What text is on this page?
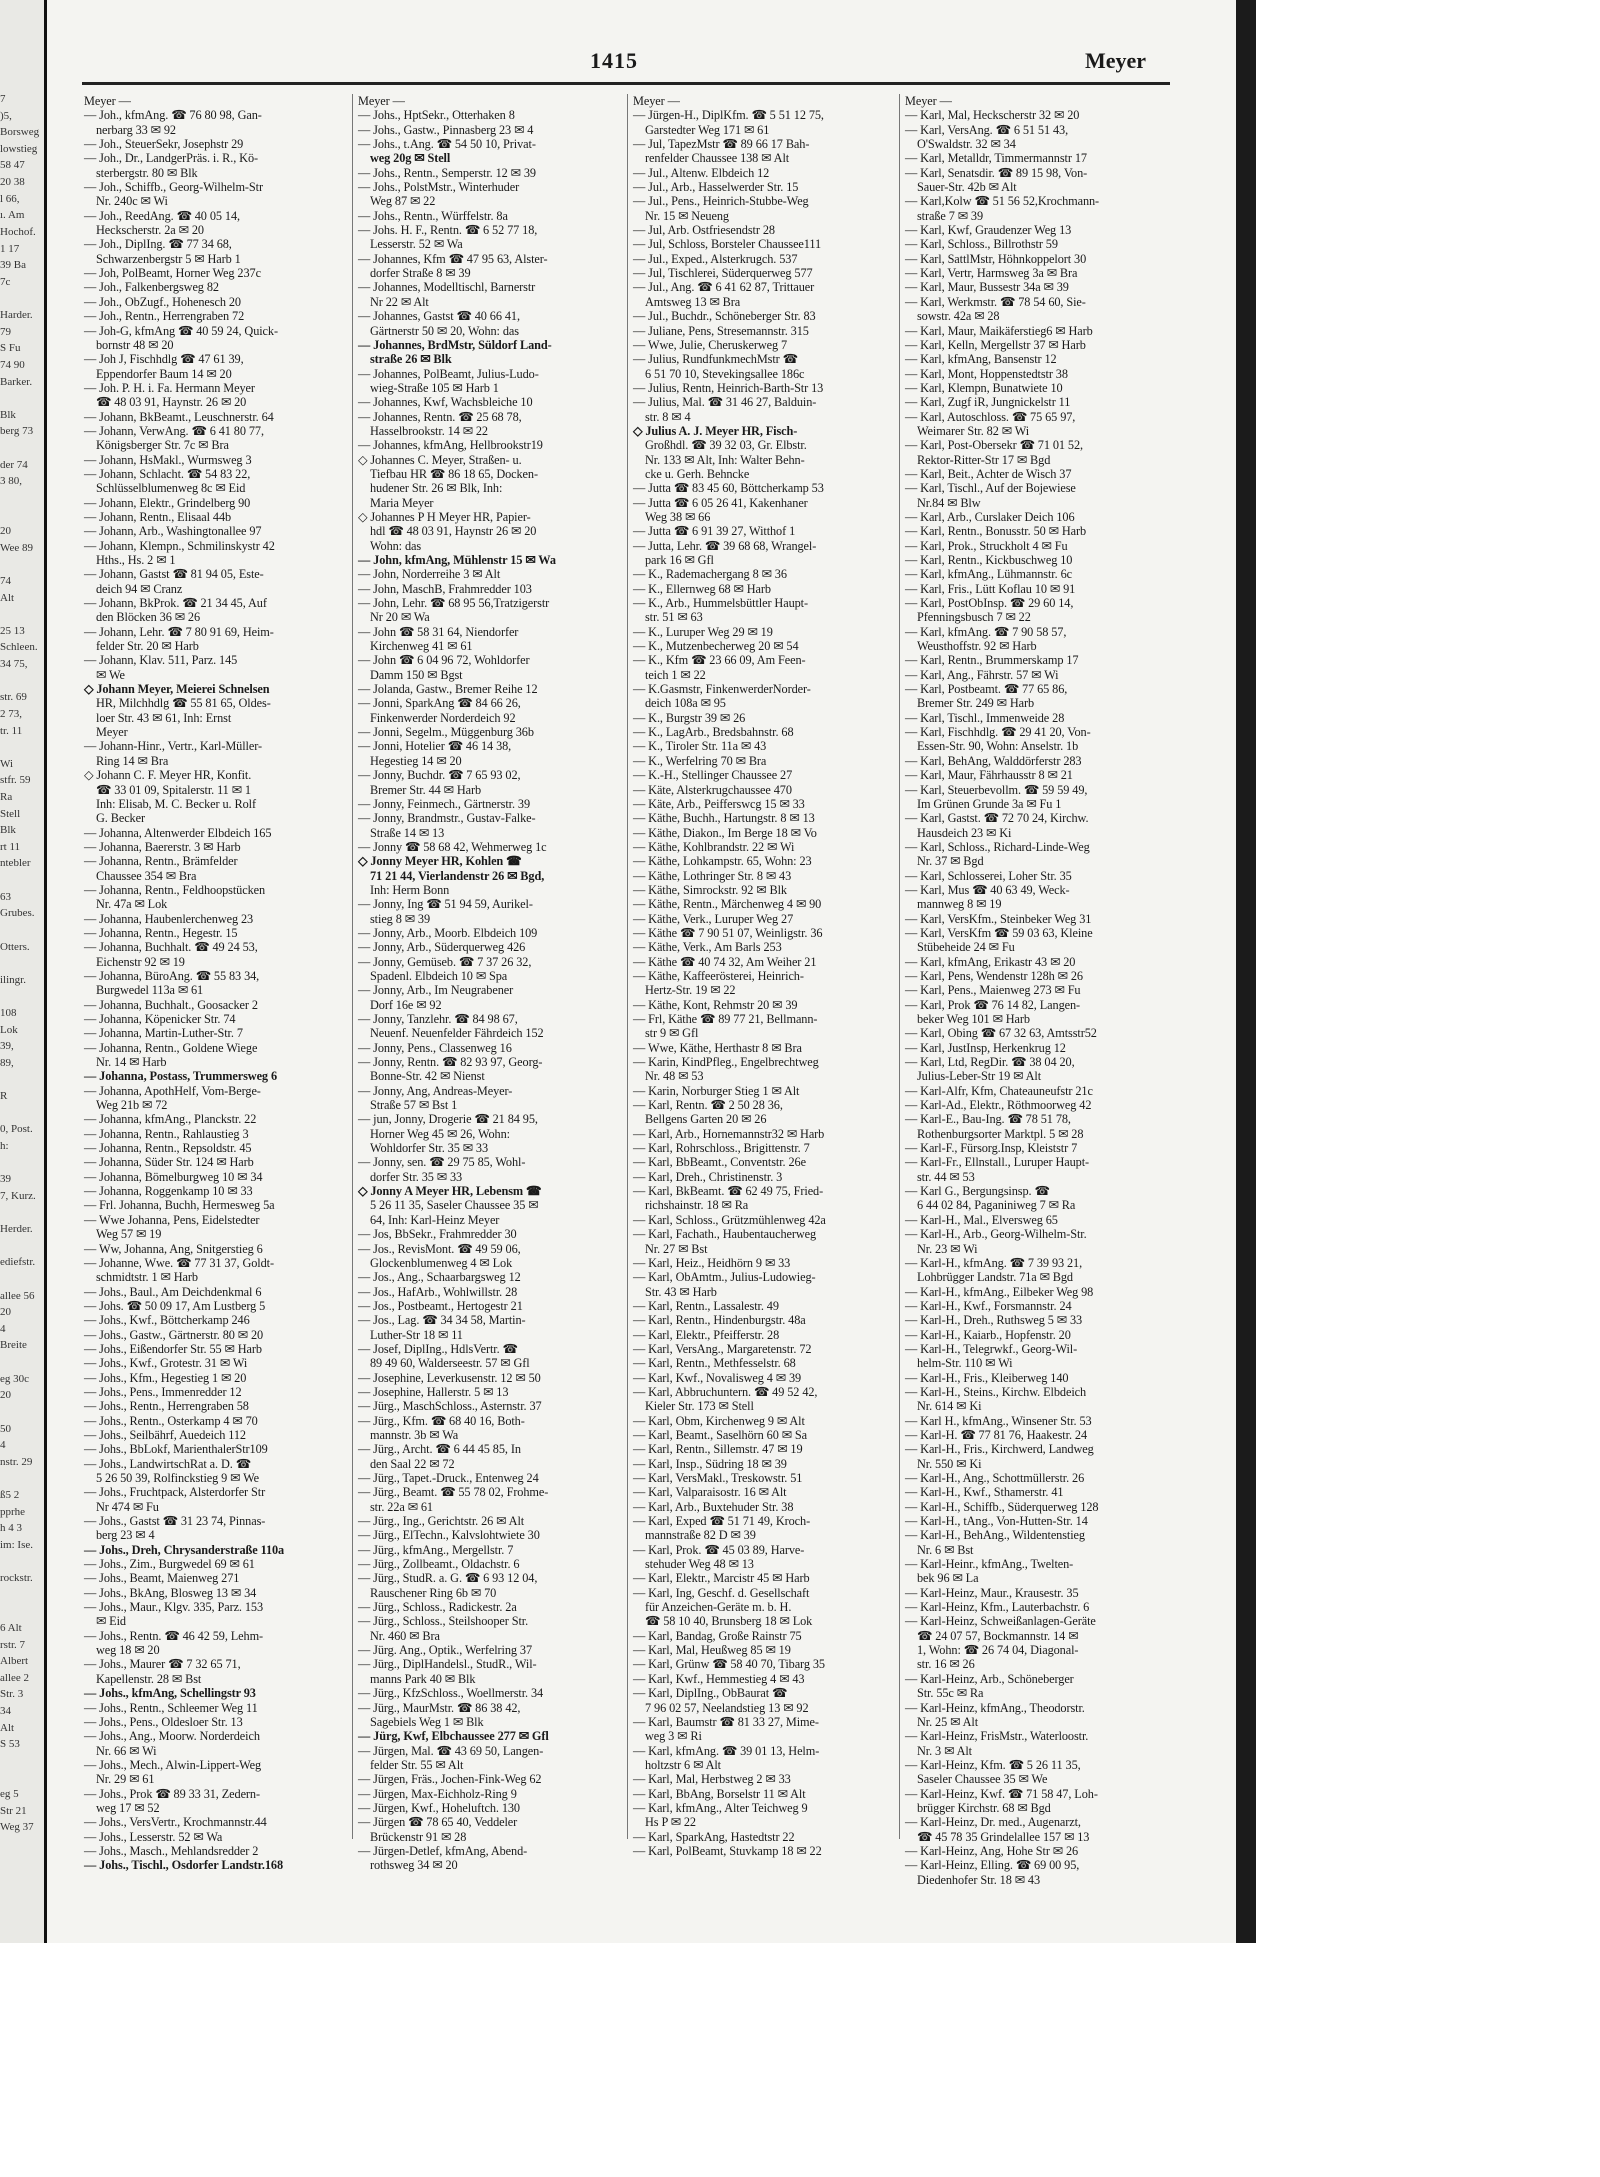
7
)5,
Borsweg
lowstieg
58 47
20 38
l 66,
ı. Am
Hochof.
1 17
39 Ba
7c
Harder.
79
S Fu
74 90
Barker.
Blk
berg 73
der 74
3 80,
20
Wee 89
74
Alt
25 13
Schleen.
34 75,
str. 69
2 73,
tr. 11
Wi
stfr. 59
Ra
Stell
Blk
rt 11
ntebler
63
Grubes.
Otters.
ilingr.
108
Lok
39,
89,
R
0, Post.
h:
39
7, Kurz.
Herder.
ediefstr.
allee 56
20
4
Breite
eg 30c
20
50
4
nstr. 29
ß5 2
pprhe
h 4 3
im: Ise.
rockstr.
6 Alt
rstr. 7
Albert
allee 2
Str. 3
34
Alt
S 53
eg 5
Str 21
Weg 37
1415	Meyer
Meyer —
— Joh., kfmAng. ☎ 76 80 98, Gan-
nerbarg 33 ✉ 92
— Joh., SteuerSekr, Josephstr 29
— Joh., Dr., LandgerPräs. i. R., Kö-
sterbergstr. 80 ✉ Blk
— Joh., Schiffb., Georg-Wilhelm-Str
Nr. 240c ✉ Wi
— Joh., ReedAng. ☎ 40 05 14,
Heckscherstr. 2a ✉ 20
— Joh., DiplIng. ☎ 77 34 68,
Schwarzenbergstr 5 ✉ Harb 1
— Joh, PolBeamt, Horner Weg 237c
— Joh., Falkenbergsweg 82
— Joh., ObZugf., Hohenesch 20
— Joh., Rentn., Herrengraben 72
— Joh-G, kfmAng ☎ 40 59 24, Quick-
bornstr 48 ✉ 20
— Joh J, Fischhdlg ☎ 47 61 39,
Eppendorfer Baum 14 ✉ 20
— Joh. P. H. i. Fa. Hermann Meyer
☎ 48 03 91, Haynstr. 26 ✉ 20
— Johann, BkBeamt., Leuschnerstr. 64
— Johann, VerwAng. ☎ 6 41 80 77,
Königsberger Str. 7c ✉ Bra
— Johann, HsMakl., Wurmsweg 3
— Johann, Schlacht. ☎ 54 83 22,
Schlüsselblumenweg 8c ✉ Eid
— Johann, Elektr., Grindelberg 90
— Johann, Rentn., Elisaal 44b
— Johann, Arb., Washingtonallee 97
— Johann, Klempn., Schmilinskystr 42
Hths., Hs. 2 ✉ 1
— Johann, Gastst ☎ 81 94 05, Este-
deich 94 ✉ Cranz
— Johann, BkProk. ☎ 21 34 45, Auf
den Blöcken 36 ✉ 26
— Johann, Lehr. ☎ 7 80 91 69, Heim-
felder Str. 20 ✉ Harb
— Johann, Klav. 511, Parz. 145
✉ We
◇ Johann Meyer, Meierei Schnelsen
HR, Milchhdlg ☎ 55 81 65, Oldes-
loer Str. 43 ✉ 61, Inh: Ernst
Meyer
— Johann-Hinr., Vertr., Karl-Müller-
Ring 14 ✉ Bra
◇ Johann C. F. Meyer HR, Konfit.
☎ 33 01 09, Spitalerstr. 11 ✉ 1
Inh: Elisab, M. C. Becker u. Rolf
G. Becker
— Johanna, Altenwerder Elbdeich 165
— Johanna, Baererstr. 3 ✉ Harb
— Johanna, Rentn., Brämfelder
Chaussee 354 ✉ Bra
— Johanna, Rentn., Feldhoopstücken
Nr. 47a ✉ Lok
— Johanna, Haubenlerchenweg 23
— Johanna, Rentn., Hegestr. 15
— Johanna, Buchhalt. ☎ 49 24 53,
Eichenstr 92 ✉ 19
— Johanna, BüroAng. ☎ 55 83 34,
Burgwedel 113a ✉ 61
— Johanna, Buchhalt., Goosacker 2
— Johanna, Köpenicker Str. 74
— Johanna, Martin-Luther-Str. 7
— Johanna, Rentn., Goldene Wiege
Nr. 14 ✉ Harb
— Johanna, Postass, Trummersweg 6
— Johanna, ApothHelf, Vom-Berge-
Weg 21b ✉ 72
— Johanna, kfmAng., Planckstr. 22
— Johanna, Rentn., Rahlaustieg 3
— Johanna, Rentn., Repsoldstr. 45
— Johanna, Süder Str. 124 ✉ Harb
— Johanna, Bömelburgweg 10 ✉ 34
— Johanna, Roggenkamp 10 ✉ 33
— Frl. Johanna, Buchh, Hermesweg 5a
— Wwe Johanna, Pens, Eidelstedter
Weg 57 ✉ 19
— Ww, Johanna, Ang, Snitgerstieg 6
— Johanne, Wwe. ☎ 77 31 37, Goldt-
schmidtstr. 1 ✉ Harb
— Johs., Baul., Am Deichdenkmal 6
— Johs. ☎ 50 09 17, Am Lustberg 5
— Johs., Kwf., Böttcherkamp 246
— Johs., Gastw., Gärtnerstr. 80 ✉ 20
— Johs., Eißendorfer Str. 55 ✉ Harb
— Johs., Kwf., Grotestr. 31 ✉ Wi
— Johs., Kfm., Hegestieg 1 ✉ 20
— Johs., Pens., Immenredder 12
— Johs., Rentn., Herrengraben 58
— Johs., Rentn., Osterkamp 4 ✉ 70
— Johs., Seilbährf, Auedeich 112
— Johs., BbLokf, MarienthalerStr109
— Johs., LandwirtschRat a. D. ☎
5 26 50 39, Rolfinckstieg 9 ✉ We
— Johs., Fruchtpack, Alsterdorfer Str
Nr 474 ✉ Fu
— Johs., Gastst ☎ 31 23 74, Pinnas-
berg 23 ✉ 4
— Johs., Dreh, Chrysanderstraße 110a
— Johs., Zim., Burgwedel 69 ✉ 61
— Johs., Beamt, Maienweg 271
— Johs., BkAng, Blosweg 13 ✉ 34
— Johs., Maur., Klgv. 335, Parz. 153
✉ Eid
— Johs., Rentn. ☎ 46 42 59, Lehm-
weg 18 ✉ 20
— Johs., Maurer ☎ 7 32 65 71,
Kapellenstr. 28 ✉ Bst
— Johs., kfmAng, Schellingstr 93
— Johs., Rentn., Schleemer Weg 11
— Johs., Pens., Oldesloer Str. 13
— Johs., Ang., Moorw. Norderdeich
Nr. 66 ✉ Wi
— Johs., Mech., Alwin-Lippert-Weg
Nr. 29 ✉ 61
— Johs., Prok ☎ 89 33 31, Zedern-
weg 17 ✉ 52
— Johs., VersVertr., Krochmannstr.44
— Johs., Lesserstr. 52 ✉ Wa
— Johs., Masch., Mehlandsredder 2
— Johs., Tischl., Osdorfer Landstr.168
Meyer —
— Johs., HptSekr., Otterhaken 8
— Johs., Gastw., Pinnasberg 23 ✉ 4
— Johs., t.Ang. ☎ 54 50 10, Privat-
weg 20g ✉ Stell
— Johs., Rentn., Semperstr. 12 ✉ 39
— Johs., PolstMstr., Winterhuder
Weg 87 ✉ 22
— Johs., Rentn., Würffelstr. 8a
— Johs. H. F., Rentn. ☎ 6 52 77 18,
Lesserstr. 52 ✉ Wa
— Johannes, Kfm ☎ 47 95 63, Alster-
dorfer Straße 8 ✉ 39
— Johannes, Modelltischl, Barnerstr
Nr 22 ✉ Alt
— Johannes, Gastst ☎ 40 66 41,
Gärtnerstr 50 ✉ 20, Wohn: das
— Johannes, BrdMstr, Süldorf Land-
straße 26 ✉ Blk
— Johannes, PolBeamt, Julius-Ludo-
wieg-Straße 105 ✉ Harb 1
— Johannes, Kwf, Wachsbleiche 10
— Johannes, Rentn. ☎ 25 68 78,
Hasselbrookstr. 14 ✉ 22
— Johannes, kfmAng, Hellbrookstr19
◇ Johannes C. Meyer, Straßen- u.
Tiefbau HR ☎ 86 18 65, Docken-
hudener Str. 26 ✉ Blk, Inh:
Maria Meyer
◇ Johannes P H Meyer HR, Papier-
hdl ☎ 48 03 91, Haynstr 26 ✉ 20
Wohn: das
— John, kfmAng, Mühlenstr 15 ✉ Wa
— John, Norderreihe 3 ✉ Alt
— John, MaschB, Frahmredder 103
— John, Lehr. ☎ 68 95 56,Tratzigerstr
Nr 20 ✉ Wa
— John ☎ 58 31 64, Niendorfer
Kirchenweg 41 ✉ 61
— John ☎ 6 04 96 72, Wohldorfer
Damm 150 ✉ Bgst
— Jolanda, Gastw., Bremer Reihe 12
— Jonni, SparkAng ☎ 84 66 26,
Finkenwerder Norderdeich 92
— Jonni, Segelm., Müggenburg 36b
— Jonni, Hotelier ☎ 46 14 38,
Hegestieg 14 ✉ 20
— Jonny, Buchdr. ☎ 7 65 93 02,
Bremer Str. 44 ✉ Harb
— Jonny, Feinmech., Gärtnerstr. 39
— Jonny, Brandmstr., Gustav-Falke-
Straße 14 ✉ 13
— Jonny ☎ 58 68 42, Wehmerweg 1c
◇ Jonny Meyer HR, Kohlen ☎
71 21 44, Vierlandenstr 26 ✉ Bgd,
Inh: Herm Bonn
— Jonny, Ing ☎ 51 94 59, Aurikel-
stieg 8 ✉ 39
— Jonny, Arb., Moorb. Elbdeich 109
— Jonny, Arb., Süderquerweg 426
— Jonny, Gemüseb. ☎ 7 37 26 32,
Spadenl. Elbdeich 10 ✉ Spa
— Jonny, Arb., Im Neugrabener
Dorf 16e ✉ 92
— Jonny, Tanzlehr. ☎ 84 98 67,
Neuenf. Neuenfelder Fährdeich 152
— Jonny, Pens., Classenweg 16
— Jonny, Rentn. ☎ 82 93 97, Georg-
Bonne-Str. 42 ✉ Nienst
— Jonny, Ang, Andreas-Meyer-
Straße 57 ✉ Bst 1
— jun, Jonny, Drogerie ☎ 21 84 95,
Horner Weg 45 ✉ 26, Wohn:
Wohldorfer Str. 35 ✉ 33
— Jonny, sen. ☎ 29 75 85, Wohl-
dorfer Str. 35 ✉ 33
◇ Jonny A Meyer HR, Lebensm ☎
5 26 11 35, Saseler Chaussee 35 ✉
64, Inh: Karl-Heinz Meyer
— Jos, BbSekr., Frahmredder 30
— Jos., RevisMont. ☎ 49 59 06,
Glockenblumenweg 4 ✉ Lok
— Jos., Ang., Schaarbargsweg 12
— Jos., HafArb., Wohlwillstr. 28
— Jos., Postbeamt., Hertogestr 21
— Jos., Lag. ☎ 34 34 58, Martin-
Luther-Str 18 ✉ 11
— Josef, DiplIng., HdlsVertr. ☎
89 49 60, Walderseestr. 57 ✉ Gfl
— Josephine, Leverkusenstr. 12 ✉ 50
— Josephine, Hallerstr. 5 ✉ 13
— Jürg., MaschSchloss., Asternstr. 37
— Jürg., Kfm. ☎ 68 40 16, Both-
mannstr. 3b ✉ Wa
— Jürg., Archt. ☎ 6 44 45 85, In
den Saal 22 ✉ 72
— Jürg., Tapet.-Druck., Entenweg 24
— Jürg., Beamt. ☎ 55 78 02, Frohme-
str. 22a ✉ 61
— Jürg., Ing., Gerichtstr. 26 ✉ Alt
— Jürg., ElTechn., Kalvslohtwiete 30
— Jürg., kfmAng., Mergellstr. 7
— Jürg., Zollbeamt., Oldachstr. 6
— Jürg., StudR. a. G. ☎ 6 93 12 04,
Rauschener Ring 6b ✉ 70
— Jürg., Schloss., Radickestr. 2a
— Jürg., Schloss., Steilshooper Str.
Nr. 460 ✉ Bra
— Jürg. Ang., Optik., Werfelring 37
— Jürg., DiplHandelsl., StudR., Wil-
manns Park 40 ✉ Blk
— Jürg., KfzSchloss., Woellmerstr. 34
— Jürg., MaurMstr. ☎ 86 38 42,
Sagebiels Weg 1 ✉ Blk
— Jürg, Kwf, Elbchaussee 277 ✉ Gfl
— Jürgen, Mal. ☎ 43 69 50, Langen-
felder Str. 55 ✉ Alt
— Jürgen, Fräs., Jochen-Fink-Weg 62
— Jürgen, Max-Eichholz-Ring 9
— Jürgen, Kwf., Hoheluftch. 130
— Jürgen ☎ 78 65 40, Veddeler
Brückenstr 91 ✉ 28
— Jürgen-Detlef, kfmAng, Abend-
rothsweg 34 ✉ 20
Meyer —
— Jürgen-H., DiplKfm. ☎ 5 51 12 75,
Garstedter Weg 171 ✉ 61
— Jul, TapezMstr ☎ 89 66 17 Bah-
renfelder Chaussee 138 ✉ Alt
— Jul., Altenw. Elbdeich 12
— Jul., Arb., Hasselwerder Str. 15
— Jul., Pens., Heinrich-Stubbe-Weg
Nr. 15 ✉ Neueng
— Jul, Arb. Ostfriesendstr 28
— Jul, Schloss, Borsteler Chaussee111
— Jul., Exped., Alsterkrugch. 537
— Jul, Tischlerei, Süderquerweg 577
— Jul., Ang. ☎ 6 41 62 87, Trittauer
Amtsweg 13 ✉ Bra
— Jul., Buchdr., Schöneberger Str. 83
— Juliane, Pens, Stresemannstr. 315
— Wwe, Julie, Cheruskerweg 7
— Julius, RundfunkmechMstr ☎
6 51 70 10, Stevekingsallee 186c
— Julius, Rentn, Heinrich-Barth-Str 13
— Julius, Mal. ☎ 31 46 27, Balduin-
str. 8 ✉ 4
◇ Julius A. J. Meyer HR, Fisch-
Großhdl. ☎ 39 32 03, Gr. Elbstr.
Nr. 133 ✉ Alt, Inh: Walter Behn-
cke u. Gerh. Behncke
— Jutta ☎ 83 45 60, Böttcherkamp 53
— Jutta ☎ 6 05 26 41, Kakenhaner
Weg 38 ✉ 66
— Jutta ☎ 6 91 39 27, Witthof 1
— Jutta, Lehr. ☎ 39 68 68, Wrangel-
park 16 ✉ Gfl
— K., Rademachergang 8 ✉ 36
— K., Ellernweg 68 ✉ Harb
— K., Arb., Hummelsbüttler Haupt-
str. 51 ✉ 63
— K., Luruper Weg 29 ✉ 19
— K., Mutzenbecherweg 20 ✉ 54
— K., Kfm ☎ 23 66 09, Am Feen-
teich 1 ✉ 22
— K.Gasmstr, FinkenwerderNorder-
deich 108a ✉ 95
— K., Burgstr 39 ✉ 26
— K., LagArb., Bredsbahnstr. 68
— K., Tiroler Str. 11a ✉ 43
— K., Werfelring 70 ✉ Bra
— K.-H., Stellinger Chaussee 27
— Käte, Alsterkrugchaussee 470
— Käte, Arb., Peifferswcg 15 ✉ 33
— Käthe, Buchh., Hartungstr. 8 ✉ 13
— Käthe, Diakon., Im Berge 18 ✉ Vo
— Käthe, Kohlbrandstr. 22 ✉ Wi
— Käthe, Lohkampstr. 65, Wohn: 23
— Käthe, Lothringer Str. 8 ✉ 43
— Käthe, Simrockstr. 92 ✉ Blk
— Käthe, Rentn., Märchenweg 4 ✉ 90
— Käthe, Verk., Luruper Weg 27
— Käthe ☎ 7 90 51 07, Weinligstr. 36
— Käthe, Verk., Am Barls 253
— Käthe ☎ 40 74 32, Am Weiher 21
— Käthe, Kaffeerösterei, Heinrich-
Hertz-Str. 19 ✉ 22
— Käthe, Kont, Rehmstr 20 ✉ 39
— Frl, Käthe ☎ 89 77 21, Bellmann-
str 9 ✉ Gfl
— Wwe, Käthe, Herthastr 8 ✉ Bra
— Karin, KindPfleg., Engelbrechtweg
Nr. 48 ✉ 53
— Karin, Norburger Stieg 1 ✉ Alt
— Karl, Rentn. ☎ 2 50 28 36,
Bellgens Garten 20 ✉ 26
— Karl, Arb., Hornemannstr32 ✉ Harb
— Karl, Rohrschloss., Brigittenstr. 7
— Karl, BbBeamt., Conventstr. 26e
— Karl, Dreh., Christinenstr. 3
— Karl, BkBeamt. ☎ 62 49 75, Fried-
richshainstr. 18 ✉ Ra
— Karl, Schloss., Grützmühlenweg 42a
— Karl, Fachath., Haubentaucherweg
Nr. 27 ✉ Bst
— Karl, Heiz., Heidhörn 9 ✉ 33
— Karl, ObAmtm., Julius-Ludowieg-
Str. 43 ✉ Harb
— Karl, Rentn., Lassalestr. 49
— Karl, Rentn., Hindenburgstr. 48a
— Karl, Elektr., Pfeifferstr. 28
— Karl, VersAng., Margaretenstr. 72
— Karl, Rentn., Methfesselstr. 68
— Karl, Kwf., Novalisweg 4 ✉ 39
— Karl, Abbruchuntern. ☎ 49 52 42,
Kieler Str. 173 ✉ Stell
— Karl, Obm, Kirchenweg 9 ✉ Alt
— Karl, Beamt., Saselhörn 60 ✉ Sa
— Karl, Rentn., Sillemstr. 47 ✉ 19
— Karl, Insp., Südring 18 ✉ 39
— Karl, VersMakl., Treskowstr. 51
— Karl, Valparaisostr. 16 ✉ Alt
— Karl, Arb., Buxtehuder Str. 38
— Karl, Exped ☎ 51 71 49, Kroch-
mannstraße 82 D ✉ 39
— Karl, Prok. ☎ 45 03 89, Harve-
stehuder Weg 48 ✉ 13
— Karl, Elektr., Marcistr 45 ✉ Harb
— Karl, Ing, Geschf. d. Gesellschaft
für Anzeichen-Geräte m. b. H.
☎ 58 10 40, Brunsberg 18 ✉ Lok
— Karl, Bandag, Große Rainstr 75
— Karl, Mal, Heußweg 85 ✉ 19
— Karl, Grünw ☎ 58 40 70, Tibarg 35
— Karl, Kwf., Hemmestieg 4 ✉ 43
— Karl, DiplIng., ObBaurat ☎
7 96 02 57, Neelandstieg 13 ✉ 92
— Karl, Baumstr ☎ 81 33 27, Mime-
weg 3 ✉ Ri
— Karl, kfmAng. ☎ 39 01 13, Helm-
holtzstr 6 ✉ Alt
— Karl, Mal, Herbstweg 2 ✉ 33
— Karl, BbAng, Borselstr 11 ✉ Alt
— Karl, kfmAng., Alter Teichweg 9
Hs P ✉ 22
— Karl, SparkAng, Hastedtstr 22
— Karl, PolBeamt, Stuvkamp 18 ✉ 22
Meyer —
— Karl, Mal, Heckscherstr 32 ✉ 20
— Karl, VersAng. ☎ 6 51 51 43,
O'Swaldstr. 32 ✉ 34
— Karl, Metalldr, Timmermannstr 17
— Karl, Senatsdir. ☎ 89 15 98, Von-
Sauer-Str. 42b ✉ Alt
— Karl,Kolw ☎ 51 56 52,Krochmann-
straße 7 ✉ 39
— Karl, Kwf, Graudenzer Weg 13
— Karl, Schloss., Billrothstr 59
— Karl, SattlMstr, Höhnkoppelort 30
— Karl, Vertr, Harmsweg 3a ✉ Bra
— Karl, Maur, Bussestr 34a ✉ 39
— Karl, Werkmstr. ☎ 78 54 60, Sie-
sowstr. 42a ✉ 28
— Karl, Maur, Maikäferstieg6 ✉ Harb
— Karl, Kelln, Mergellstr 37 ✉ Harb
— Karl, kfmAng, Bansenstr 12
— Karl, Mont, Hoppenstedtstr 38
— Karl, Klempn, Bunatwiete 10
— Karl, Zugf iR, Jungnickelstr 11
— Karl, Autoschloss. ☎ 75 65 97,
Weimarer Str. 82 ✉ Wi
— Karl, Post-Obersekr ☎ 71 01 52,
Rektor-Ritter-Str 17 ✉ Bgd
— Karl, Beit., Achter de Wisch 37
— Karl, Tischl., Auf der Bojewiese
Nr.84 ✉ Blw
— Karl, Arb., Curslaker Deich 106
— Karl, Rentn., Bonusstr. 50 ✉ Harb
— Karl, Prok., Struckholt 4 ✉ Fu
— Karl, Rentn., Kickbuschweg 10
— Karl, kfmAng., Lühmannstr. 6c
— Karl, Fris., Lütt Koflau 10 ✉ 91
— Karl, PostObInsp. ☎ 29 60 14,
Pfenningsbusch 7 ✉ 22
— Karl, kfmAng. ☎ 7 90 58 57,
Weusthoffstr. 92 ✉ Harb
— Karl, Rentn., Brummerskamp 17
— Karl, Ang., Fährstr. 57 ✉ Wi
— Karl, Postbeamt. ☎ 77 65 86,
Bremer Str. 249 ✉ Harb
— Karl, Tischl., Immenweide 28
— Karl, Fischhdlg. ☎ 29 41 20, Von-
Essen-Str. 90, Wohn: Anselstr. 1b
— Karl, BehAng, Walddörferstr 283
— Karl, Maur, Fährhausstr 8 ✉ 21
— Karl, Steuerbevollm. ☎ 59 59 49,
Im Grünen Grunde 3a ✉ Fu 1
— Karl, Gastst. ☎ 72 70 24, Kirchw.
Hausdeich 23 ✉ Ki
— Karl, Schloss., Richard-Linde-Weg
Nr. 37 ✉ Bgd
— Karl, Schlosserei, Loher Str. 35
— Karl, Mus ☎ 40 63 49, Weck-
mannweg 8 ✉ 19
— Karl, VersKfm., Steinbeker Weg 31
— Karl, VersKfm ☎ 59 03 63, Kleine
Stübeheide 24 ✉ Fu
— Karl, kfmAng, Erikastr 43 ✉ 20
— Karl, Pens, Wendenstr 128h ✉ 26
— Karl, Pens., Maienweg 273 ✉ Fu
— Karl, Prok ☎ 76 14 82, Langen-
beker Weg 101 ✉ Harb
— Karl, Obing ☎ 67 32 63, Amtsstr52
— Karl, JustInsp, Herkenkrug 12
— Karl, Ltd, RegDir. ☎ 38 04 20,
Julius-Leber-Str 19 ✉ Alt
— Karl-Alfr, Kfm, Chateauneufstr 21c
— Karl-Ad., Elektr., Röthmoorweg 42
— Karl-E., Bau-Ing. ☎ 78 51 78,
Rothenburgsorter Marktpl. 5 ✉ 28
— Karl-F., Fürsorg.Insp, Kleiststr 7
— Karl-Fr., Ellnstall., Luruper Haupt-
str. 44 ✉ 53
— Karl G., Bergungsinsp. ☎
6 44 02 84, Paganiniweg 7 ✉ Ra
— Karl-H., Mal., Elversweg 65
— Karl-H., Arb., Georg-Wilhelm-Str.
Nr. 23 ✉ Wi
— Karl-H., kfmAng. ☎ 7 39 93 21,
Lohbrügger Landstr. 71a ✉ Bgd
— Karl-H., kfmAng., Eilbeker Weg 98
— Karl-H., Kwf., Forsmannstr. 24
— Karl-H., Dreh., Ruthsweg 5 ✉ 33
— Karl-H., Kaiarb., Hopfenstr. 20
— Karl-H., Telegrwkf., Georg-Wil-
helm-Str. 110 ✉ Wi
— Karl-H., Fris., Kleiberweg 140
— Karl-H., Steins., Kirchw. Elbdeich
Nr. 614 ✉ Ki
— Karl H., kfmAng., Winsener Str. 53
— Karl-H. ☎ 77 81 76, Haakestr. 24
— Karl-H., Fris., Kirchwerd, Landweg
Nr. 550 ✉ Ki
— Karl-H., Ang., Schottmüllerstr. 26
— Karl-H., Kwf., Sthamerstr. 41
— Karl-H., Schiffb., Süderquerweg 128
— Karl-H., tAng., Von-Hutten-Str. 14
— Karl-H., BehAng., Wildentenstieg
Nr. 6 ✉ Bst
— Karl-Heinr., kfmAng., Twelten-
bek 96 ✉ La
— Karl-Heinz, Maur., Krausestr. 35
— Karl-Heinz, Kfm., Lauterbachstr. 6
— Karl-Heinz, Schweißanlagen-Geräte
☎ 24 07 57, Bockmannstr. 14 ✉
1, Wohn: ☎ 26 74 04, Diagonal-
str. 16 ✉ 26
— Karl-Heinz, Arb., Schöneberger
Str. 55c ✉ Ra
— Karl-Heinz, kfmAng., Theodorstr.
Nr. 25 ✉ Alt
— Karl-Heinz, FrisMstr., Waterloostr.
Nr. 3 ✉ Alt
— Karl-Heinz, Kfm. ☎ 5 26 11 35,
Saseler Chaussee 35 ✉ We
— Karl-Heinz, Kwf. ☎ 71 58 47, Loh-
brügger Kirchstr. 68 ✉ Bgd
— Karl-Heinz, Dr. med., Augenarzt,
☎ 45 78 35 Grindelallee 157 ✉ 13
— Karl-Heinz, Ang, Hohe Str ✉ 26
— Karl-Heinz, Elling. ☎ 69 00 95,
Diedenhofer Str. 18 ✉ 43
